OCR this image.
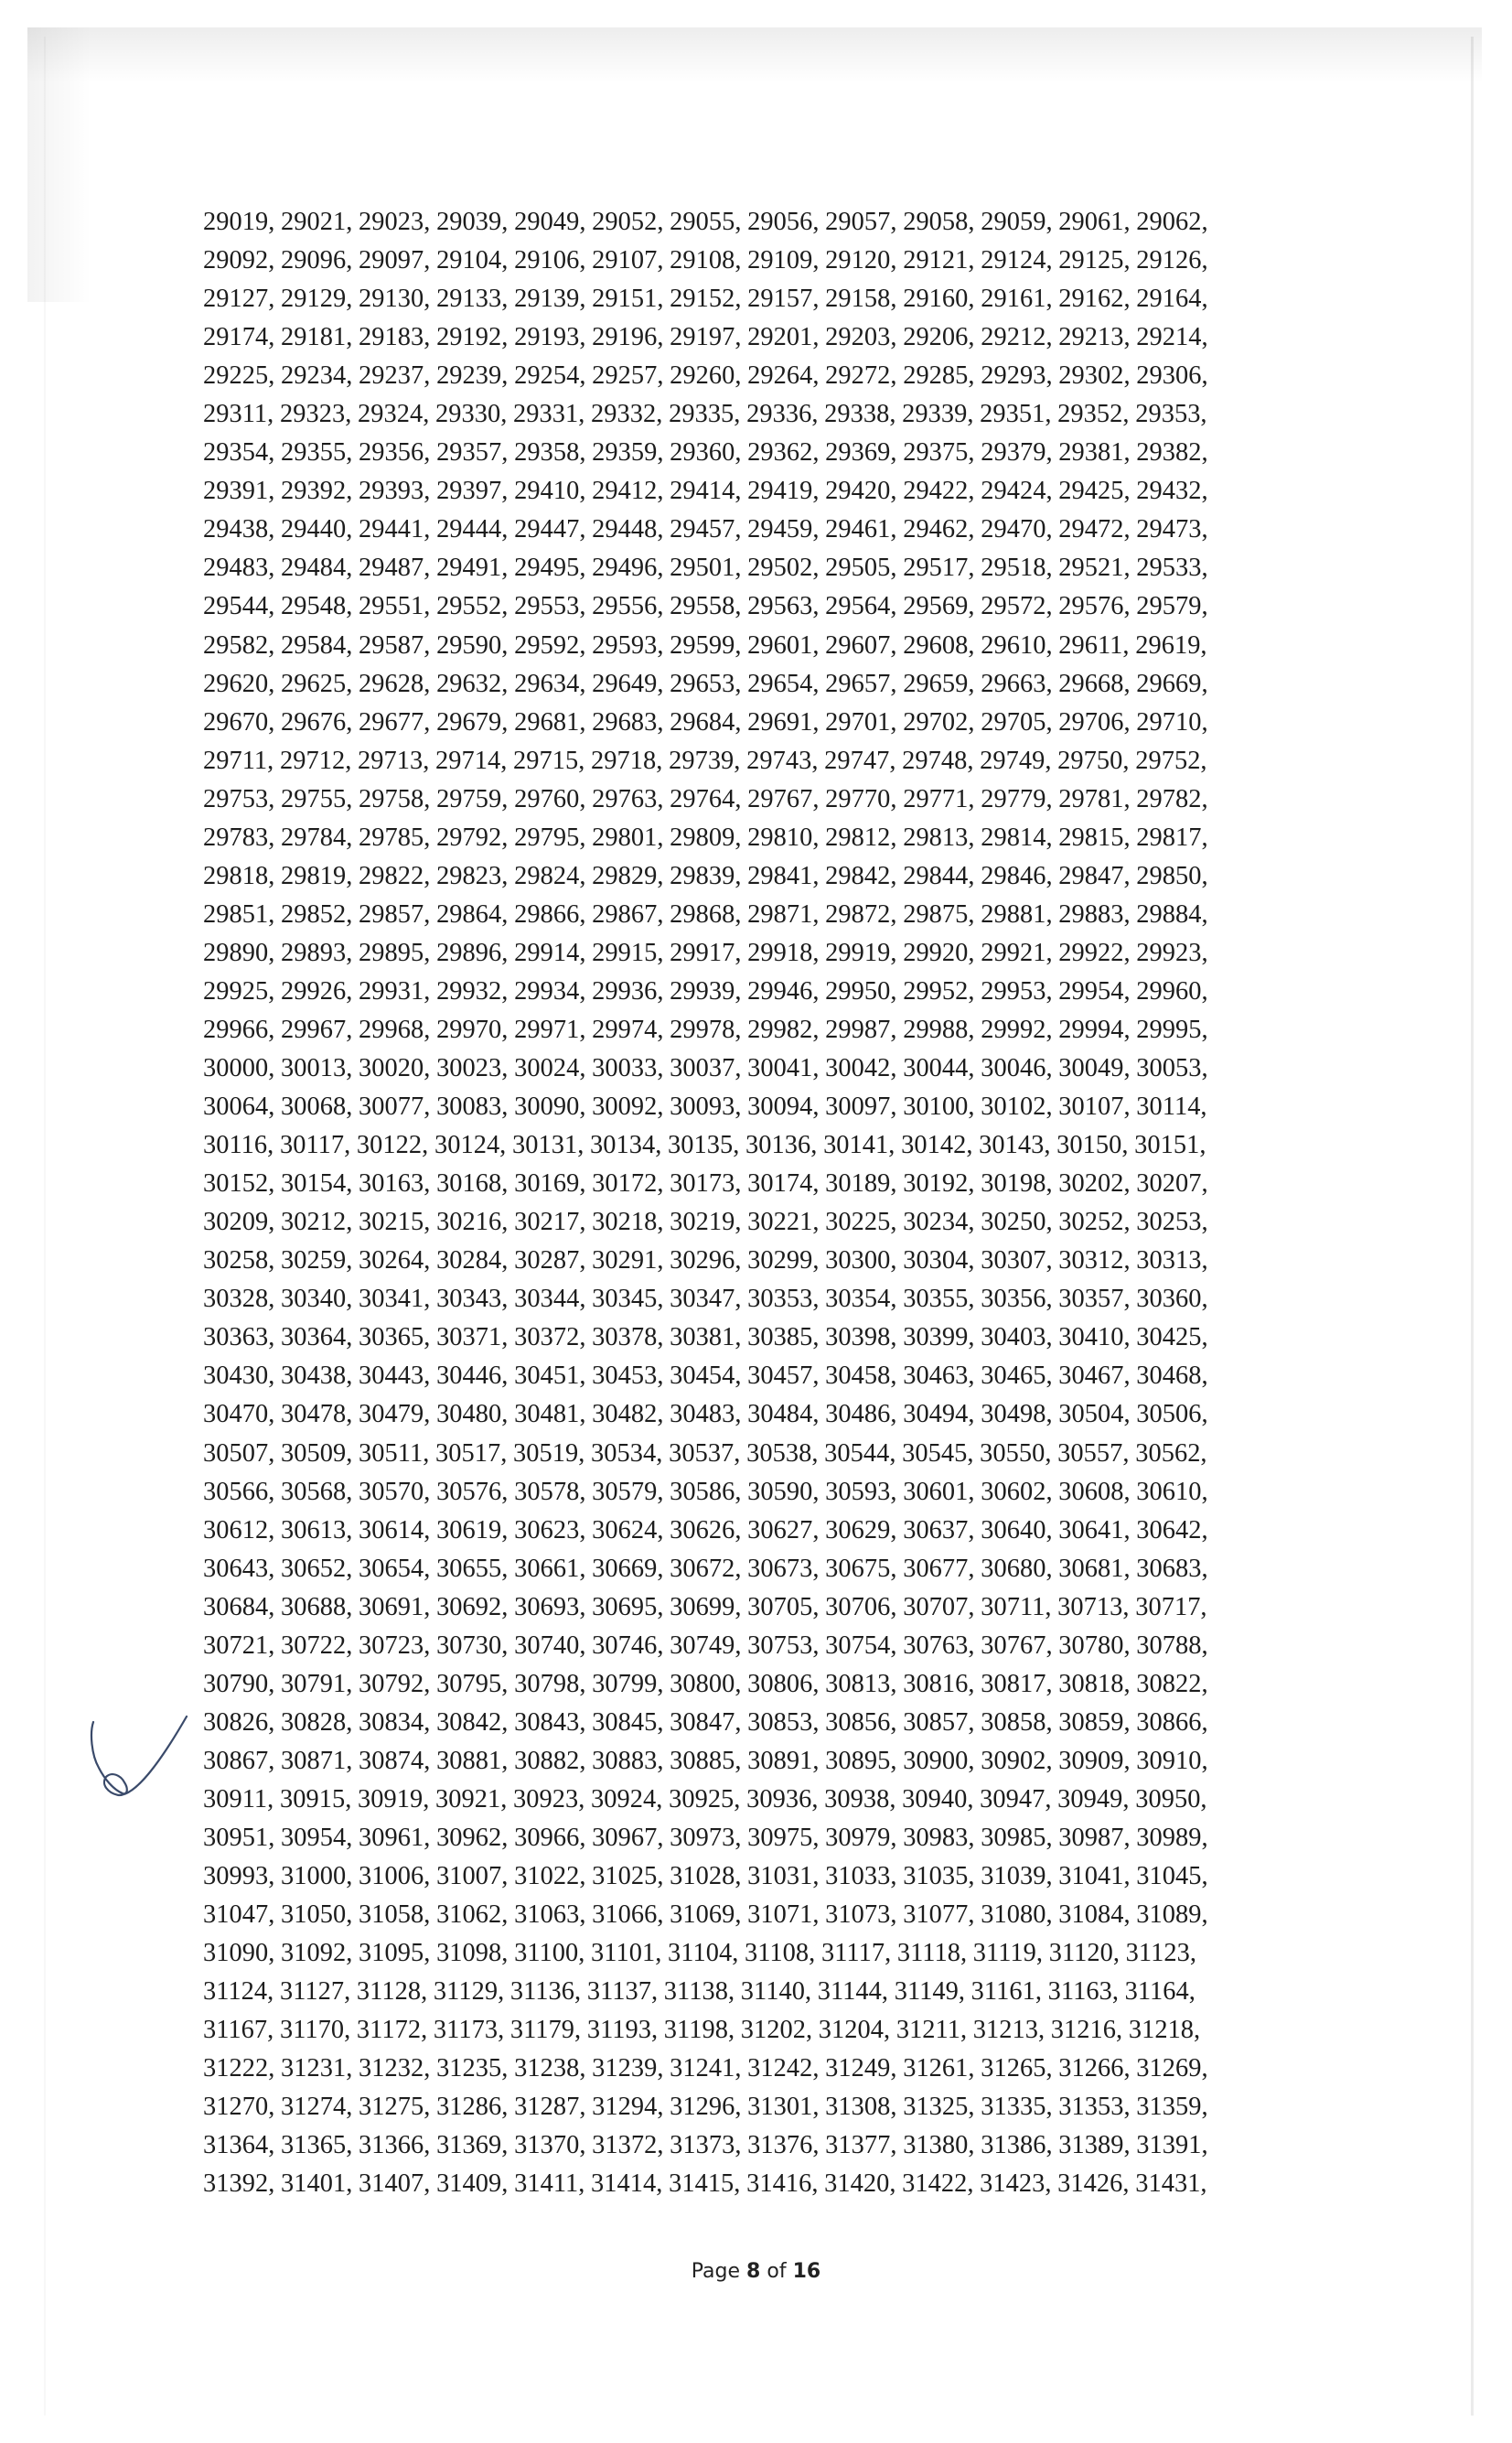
29019, 29021, 29023, 29039, 29049, 29052, 29055, 29056, 29057, 29058, 29059, 29061, 29062,
29092, 29096, 29097, 29104, 29106, 29107, 29108, 29109, 29120, 29121, 29124, 29125, 29126,
29127, 29129, 29130, 29133, 29139, 29151, 29152, 29157, 29158, 29160, 29161, 29162, 29164,
29174, 29181, 29183, 29192, 29193, 29196, 29197, 29201, 29203, 29206, 29212, 29213, 29214,
29225, 29234, 29237, 29239, 29254, 29257, 29260, 29264, 29272, 29285, 29293, 29302, 29306,
29311, 29323, 29324, 29330, 29331, 29332, 29335, 29336, 29338, 29339, 29351, 29352, 29353,
29354, 29355, 29356, 29357, 29358, 29359, 29360, 29362, 29369, 29375, 29379, 29381, 29382,
29391, 29392, 29393, 29397, 29410, 29412, 29414, 29419, 29420, 29422, 29424, 29425, 29432,
29438, 29440, 29441, 29444, 29447, 29448, 29457, 29459, 29461, 29462, 29470, 29472, 29473,
29483, 29484, 29487, 29491, 29495, 29496, 29501, 29502, 29505, 29517, 29518, 29521, 29533,
29544, 29548, 29551, 29552, 29553, 29556, 29558, 29563, 29564, 29569, 29572, 29576, 29579,
29582, 29584, 29587, 29590, 29592, 29593, 29599, 29601, 29607, 29608, 29610, 29611, 29619,
29620, 29625, 29628, 29632, 29634, 29649, 29653, 29654, 29657, 29659, 29663, 29668, 29669,
29670, 29676, 29677, 29679, 29681, 29683, 29684, 29691, 29701, 29702, 29705, 29706, 29710,
29711, 29712, 29713, 29714, 29715, 29718, 29739, 29743, 29747, 29748, 29749, 29750, 29752,
29753, 29755, 29758, 29759, 29760, 29763, 29764, 29767, 29770, 29771, 29779, 29781, 29782,
29783, 29784, 29785, 29792, 29795, 29801, 29809, 29810, 29812, 29813, 29814, 29815, 29817,
29818, 29819, 29822, 29823, 29824, 29829, 29839, 29841, 29842, 29844, 29846, 29847, 29850,
29851, 29852, 29857, 29864, 29866, 29867, 29868, 29871, 29872, 29875, 29881, 29883, 29884,
29890, 29893, 29895, 29896, 29914, 29915, 29917, 29918, 29919, 29920, 29921, 29922, 29923,
29925, 29926, 29931, 29932, 29934, 29936, 29939, 29946, 29950, 29952, 29953, 29954, 29960,
29966, 29967, 29968, 29970, 29971, 29974, 29978, 29982, 29987, 29988, 29992, 29994, 29995,
30000, 30013, 30020, 30023, 30024, 30033, 30037, 30041, 30042, 30044, 30046, 30049, 30053,
30064, 30068, 30077, 30083, 30090, 30092, 30093, 30094, 30097, 30100, 30102, 30107, 30114,
30116, 30117, 30122, 30124, 30131, 30134, 30135, 30136, 30141, 30142, 30143, 30150, 30151,
30152, 30154, 30163, 30168, 30169, 30172, 30173, 30174, 30189, 30192, 30198, 30202, 30207,
30209, 30212, 30215, 30216, 30217, 30218, 30219, 30221, 30225, 30234, 30250, 30252, 30253,
30258, 30259, 30264, 30284, 30287, 30291, 30296, 30299, 30300, 30304, 30307, 30312, 30313,
30328, 30340, 30341, 30343, 30344, 30345, 30347, 30353, 30354, 30355, 30356, 30357, 30360,
30363, 30364, 30365, 30371, 30372, 30378, 30381, 30385, 30398, 30399, 30403, 30410, 30425,
30430, 30438, 30443, 30446, 30451, 30453, 30454, 30457, 30458, 30463, 30465, 30467, 30468,
30470, 30478, 30479, 30480, 30481, 30482, 30483, 30484, 30486, 30494, 30498, 30504, 30506,
30507, 30509, 30511, 30517, 30519, 30534, 30537, 30538, 30544, 30545, 30550, 30557, 30562,
30566, 30568, 30570, 30576, 30578, 30579, 30586, 30590, 30593, 30601, 30602, 30608, 30610,
30612, 30613, 30614, 30619, 30623, 30624, 30626, 30627, 30629, 30637, 30640, 30641, 30642,
30643, 30652, 30654, 30655, 30661, 30669, 30672, 30673, 30675, 30677, 30680, 30681, 30683,
30684, 30688, 30691, 30692, 30693, 30695, 30699, 30705, 30706, 30707, 30711, 30713, 30717,
30721, 30722, 30723, 30730, 30740, 30746, 30749, 30753, 30754, 30763, 30767, 30780, 30788,
30790, 30791, 30792, 30795, 30798, 30799, 30800, 30806, 30813, 30816, 30817, 30818, 30822,
30826, 30828, 30834, 30842, 30843, 30845, 30847, 30853, 30856, 30857, 30858, 30859, 30866,
30867, 30871, 30874, 30881, 30882, 30883, 30885, 30891, 30895, 30900, 30902, 30909, 30910,
30911, 30915, 30919, 30921, 30923, 30924, 30925, 30936, 30938, 30940, 30947, 30949, 30950,
30951, 30954, 30961, 30962, 30966, 30967, 30973, 30975, 30979, 30983, 30985, 30987, 30989,
30993, 31000, 31006, 31007, 31022, 31025, 31028, 31031, 31033, 31035, 31039, 31041, 31045,
31047, 31050, 31058, 31062, 31063, 31066, 31069, 31071, 31073, 31077, 31080, 31084, 31089,
31090, 31092, 31095, 31098, 31100, 31101, 31104, 31108, 31117, 31118, 31119, 31120, 31123,
31124, 31127, 31128, 31129, 31136, 31137, 31138, 31140, 31144, 31149, 31161, 31163, 31164,
31167, 31170, 31172, 31173, 31179, 31193, 31198, 31202, 31204, 31211, 31213, 31216, 31218,
31222, 31231, 31232, 31235, 31238, 31239, 31241, 31242, 31249, 31261, 31265, 31266, 31269,
31270, 31274, 31275, 31286, 31287, 31294, 31296, 31301, 31308, 31325, 31335, 31353, 31359,
31364, 31365, 31366, 31369, 31370, 31372, 31373, 31376, 31377, 31380, 31386, 31389, 31391,
31392, 31401, 31407, 31409, 31411, 31414, 31415, 31416, 31420, 31422, 31423, 31426, 31431,
Page 8 of 16
